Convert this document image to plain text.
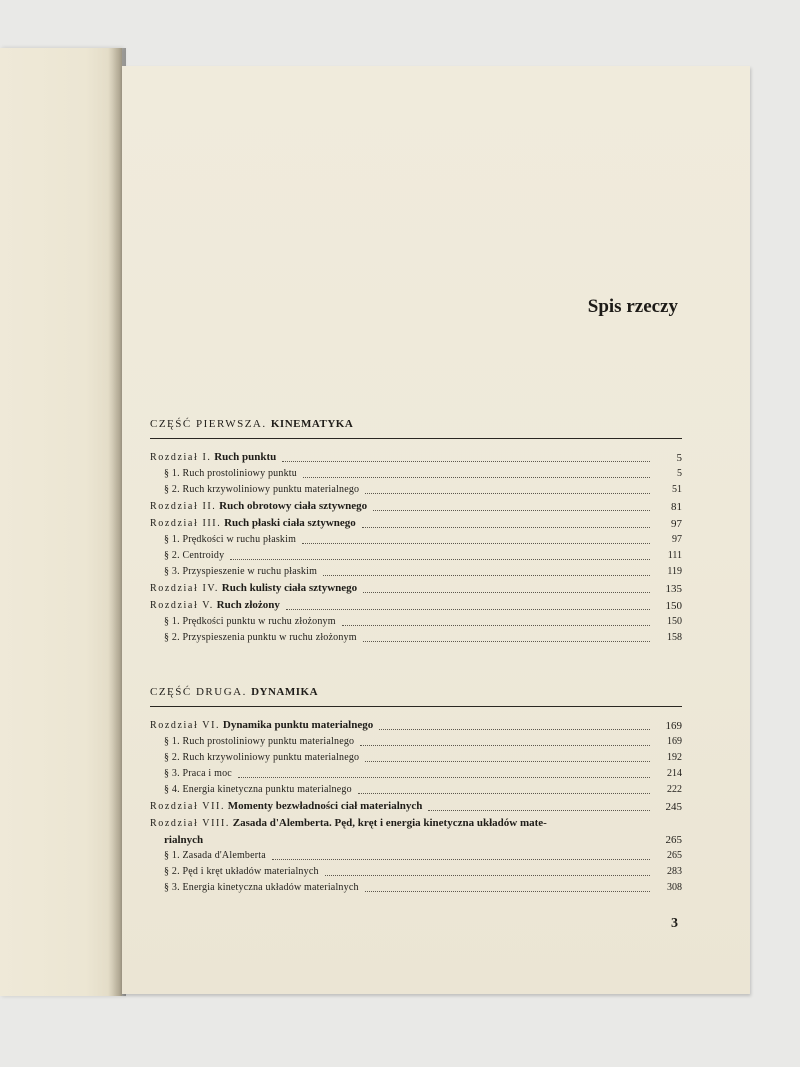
Spis rzeczy
CZĘŚĆ PIERWSZA. KINEMATYKA
Rozdział I. Ruch punktu	5
§ 1. Ruch prostoliniowy punktu	5
§ 2. Ruch krzywoliniowy punktu materialnego	51
Rozdział II. Ruch obrotowy ciała sztywnego	81
Rozdział III. Ruch płaski ciała sztywnego	97
§ 1. Prędkości w ruchu płaskim	97
§ 2. Centroidy	111
§ 3. Przyspieszenie w ruchu płaskim	119
Rozdział IV. Ruch kulisty ciała sztywnego	135
Rozdział V. Ruch złożony	150
§ 1. Prędkości punktu w ruchu złożonym	150
§ 2. Przyspieszenia punktu w ruchu złożonym	158
CZĘŚĆ DRUGA. DYNAMIKA
Rozdział VI. Dynamika punktu materialnego	169
§ 1. Ruch prostoliniowy punktu materialnego	169
§ 2. Ruch krzywoliniowy punktu materialnego	192
§ 3. Praca i moc	214
§ 4. Energia kinetyczna punktu materialnego	222
Rozdział VII. Momenty bezwładności ciał materialnych	245
Rozdział VIII. Zasada d'Alemberta. Pęd, kręt i energia kinetyczna układów mate-
rialnych	265
§ 1. Zasada d'Alemberta	265
§ 2. Pęd i kręt układów materialnych	283
§ 3. Energia kinetyczna układów materialnych	308
3
